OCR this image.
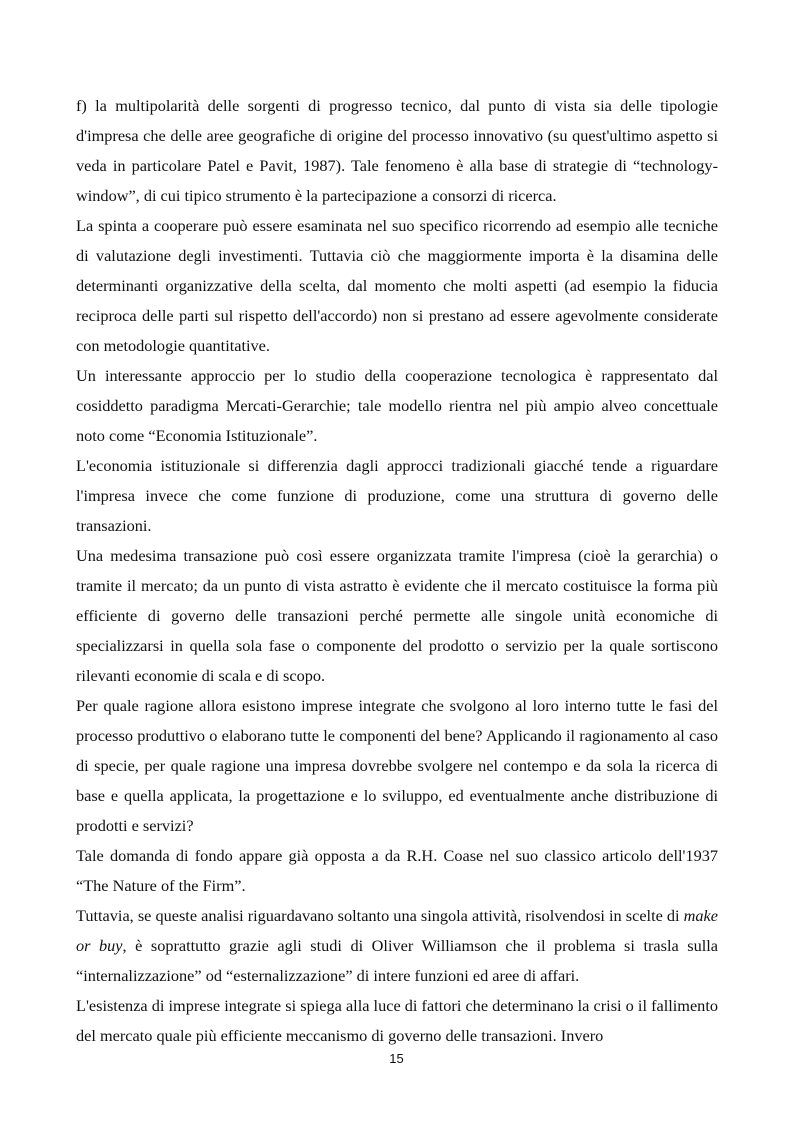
f) la multipolarità delle sorgenti di progresso tecnico, dal punto di vista sia delle tipologie d'impresa che delle aree geografiche di origine del processo innovativo (su quest'ultimo aspetto si veda in particolare Patel e Pavit, 1987). Tale fenomeno è alla base di strategie di “technology-window”, di cui tipico strumento è la partecipazione a consorzi di ricerca.

La spinta a cooperare può essere esaminata nel suo specifico ricorrendo ad esempio alle tecniche di valutazione degli investimenti. Tuttavia ciò che maggiormente importa è la disamina delle determinanti organizzative della scelta, dal momento che molti aspetti (ad esempio la fiducia reciproca delle parti sul rispetto dell'accordo) non si prestano ad essere agevolmente considerate con metodologie quantitative.

Un interessante approccio per lo studio della cooperazione tecnologica è rappresentato dal cosiddetto paradigma Mercati-Gerarchie; tale modello rientra nel più ampio alveo concettuale noto come “Economia Istituzionale”.

L'economia istituzionale si differenzia dagli approcci tradizionali giacché tende a riguardare l'impresa invece che come funzione di produzione, come una struttura di governo delle transazioni.

Una medesima transazione può così essere organizzata tramite l'impresa (cioè la gerarchia) o tramite il mercato; da un punto di vista astratto è evidente che il mercato costituisce la forma più efficiente di governo delle transazioni perché permette alle singole unità economiche di specializzarsi in quella sola fase o componente del prodotto o servizio per la quale sortiscono rilevanti economie di scala e di scopo.

Per quale ragione allora esistono imprese integrate che svolgono al loro interno tutte le fasi del processo produttivo o elaborano tutte le componenti del bene? Applicando il ragionamento al caso di specie, per quale ragione una impresa dovrebbe svolgere nel contempo e da sola la ricerca di base e quella applicata, la progettazione e lo sviluppo, ed eventualmente anche distribuzione di prodotti e servizi?

Tale domanda di fondo appare già opposta a da R.H. Coase nel suo classico articolo dell'1937 “The Nature of the Firm”.

Tuttavia, se queste analisi riguardavano soltanto una singola attività, risolvendosi in scelte di make or buy, è soprattutto grazie agli studi di Oliver Williamson che il problema si trasla sulla “internalizzazione” od “esternalizzazione” di intere funzioni ed aree di affari.

L'esistenza di imprese integrate si spiega alla luce di fattori che determinano la crisi o il fallimento del mercato quale più efficiente meccanismo di governo delle transazioni. Invero

15
